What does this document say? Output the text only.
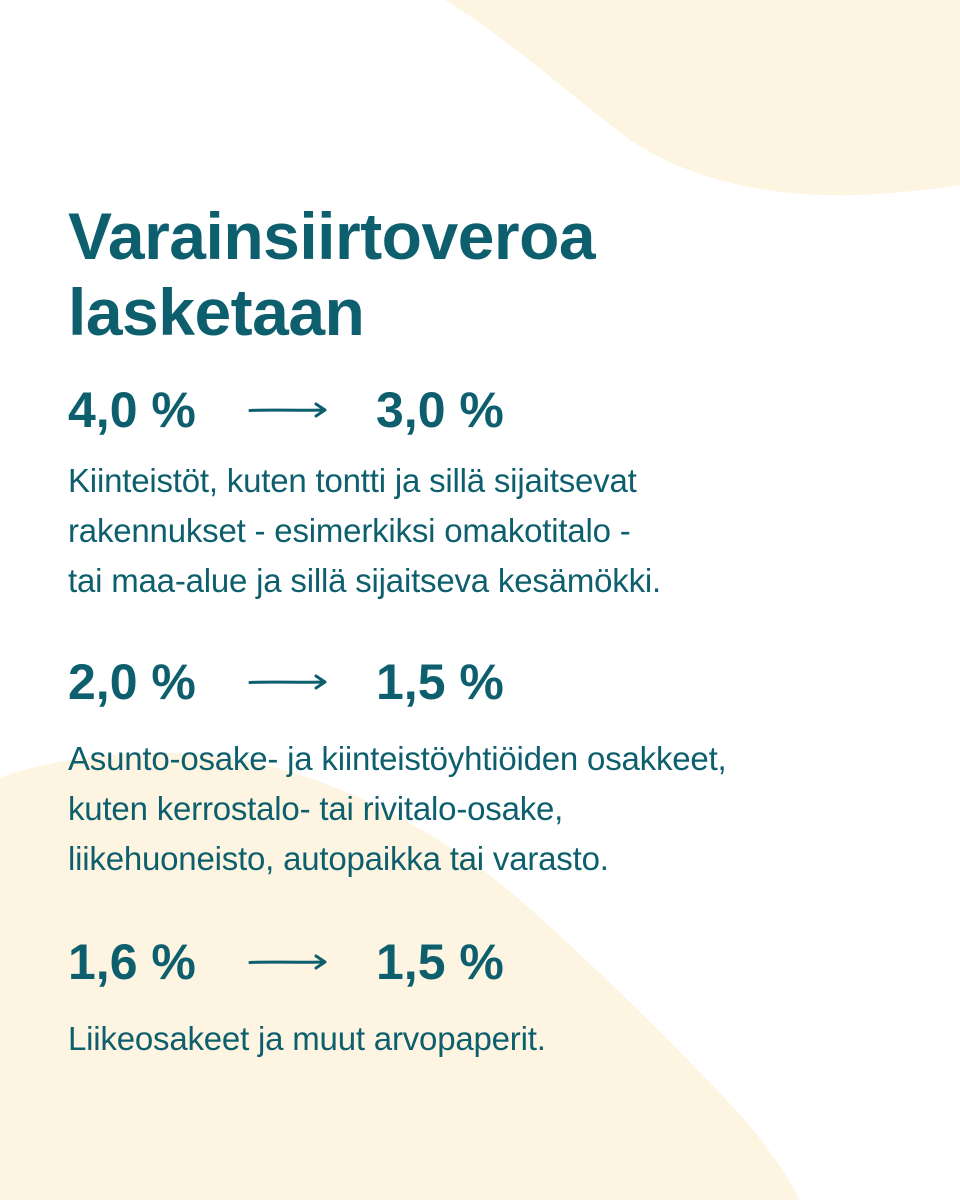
Varainsiirtoveroa
lasketaan
4,0 %	3,0 %

Kiinteistöt, kuten tontti ja sillä sijaitsevat
rakennukset - esimerkiksi omakotitalo -
tai maa-alue ja sillä sijaitseva kesämökki.

2,0 %	1,5 %

Asunto-osake- ja kiinteistöyhtiöiden osakkeet,
kuten kerrostalo- tai rivitalo-osake,
liikehuoneisto, autopaikka tai varasto.

1,6 %	1,5 %

Liikeosakeet ja muut arvopaperit.
